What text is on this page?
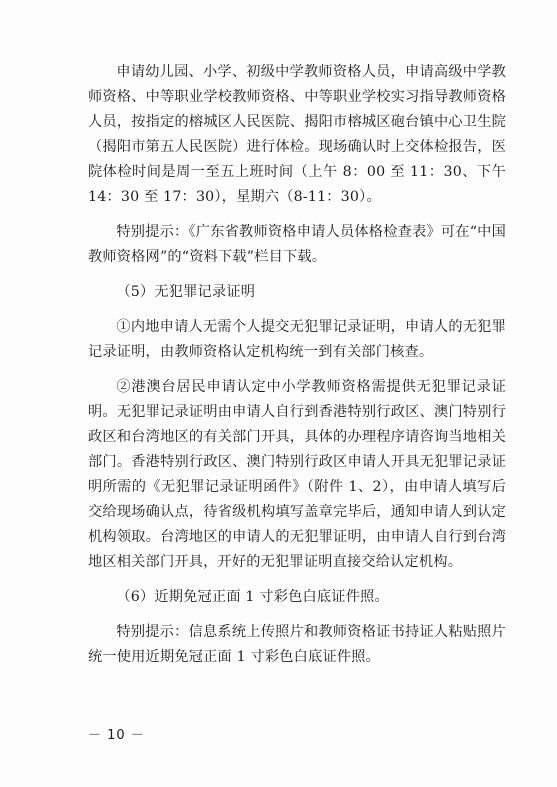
申请幼儿园、小学、初级中学教师资格人员，申请高级中学教师资格、中等职业学校教师资格、中等职业学校实习指导教师资格人员，按指定的榕城区人民医院、揭阳市榕城区砲台镇中心卫生院（揭阳市第五人民医院）进行体检。现场确认时上交体检报告，医院体检时间是周一至五上班时间（上午 8：00 至 11：30、下午 14：30 至 17：30），星期六（8-11：30）。

特别提示：《广东省教师资格申请人员体格检查表》可在“中国教师资格网”的“资料下载”栏目下载。

（5）无犯罪记录证明

①内地申请人无需个人提交无犯罪记录证明，申请人的无犯罪记录证明，由教师资格认定机构统一到有关部门核查。

②港澳台居民申请认定中小学教师资格需提供无犯罪记录证明。无犯罪记录证明由申请人自行到香港特别行政区、澳门特别行政区和台湾地区的有关部门开具，具体的办理程序请咨询当地相关部门。香港特别行政区、澳门特别行政区申请人开具无犯罪记录证明所需的《无犯罪记录证明函件》（附件 1、2），由申请人填写后交给现场确认点，待省级机构填写盖章完毕后，通知申请人到认定机构领取。台湾地区的申请人的无犯罪证明，由申请人自行到台湾地区相关部门开具，开好的无犯罪证明直接交给认定机构。

（6）近期免冠正面 1 寸彩色白底证件照。

特别提示：信息系统上传照片和教师资格证书持证人粘贴照片统一使用近期免冠正面 1 寸彩色白底证件照。

－ 10 －
